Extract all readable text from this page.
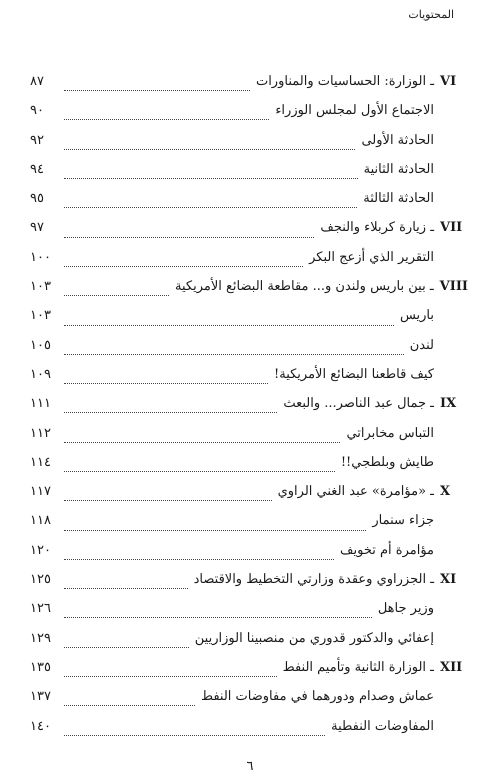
المحتويات
VI
ـ الوزارة: الحساسيات والمناورات
٨٧
الاجتماع الأول لمجلس الوزراء
٩٠
الحادثة الأولى
٩٢
الحادثة الثانية
٩٤
الحادثة الثالثة
٩٥
VII
ـ زيارة كربلاء والنجف
٩٧
التقرير الذي أزعج البكر
١٠٠
VIII
ـ بين باريس ولندن و... مقاطعة البضائع الأمريكية
١٠٣
باريس
١٠٣
لندن
١٠٥
كيف قاطعنا البضائع الأمريكية!
١٠٩
IX
ـ جمال عبد الناصر... والبعث
١١١
التباس مخابراتي
١١٢
طايش وبلطجي!!
١١٤
X
ـ «مؤامرة» عبد الغني الراوي
١١٧
جزاء سنمار
١١٨
مؤامرة أم تخويف
١٢٠
XI
ـ الجزراوي وعقدة وزارتي التخطيط والاقتصاد
١٢٥
وزير جاهل
١٢٦
إعفائي والدكتور قدوري من منصبينا الوزاريين
١٢٩
XII
ـ الوزارة الثانية وتأميم النفط
١٣٥
عماش وصدام ودورهما في مفاوضات النفط
١٣٧
المفاوضات النفطية
١٤٠
٦
